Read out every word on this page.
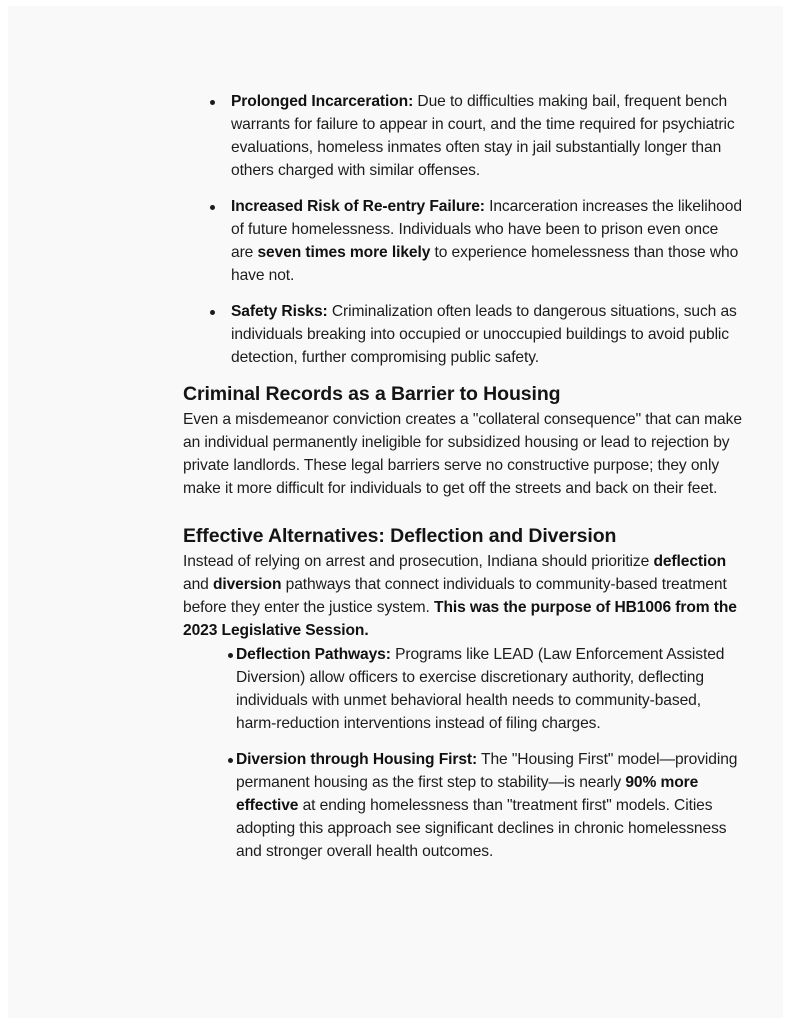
Prolonged Incarceration: Due to difficulties making bail, frequent bench warrants for failure to appear in court, and the time required for psychiatric evaluations, homeless inmates often stay in jail substantially longer than others charged with similar offenses.
Increased Risk of Re-entry Failure: Incarceration increases the likelihood of future homelessness. Individuals who have been to prison even once are seven times more likely to experience homelessness than those who have not.
Safety Risks: Criminalization often leads to dangerous situations, such as individuals breaking into occupied or unoccupied buildings to avoid public detection, further compromising public safety.
Criminal Records as a Barrier to Housing

Even a misdemeanor conviction creates a "collateral consequence" that can make an individual permanently ineligible for subsidized housing or lead to rejection by private landlords. These legal barriers serve no constructive purpose; they only make it more difficult for individuals to get off the streets and back on their feet.

Effective Alternatives: Deflection and Diversion

Instead of relying on arrest and prosecution, Indiana should prioritize deflection and diversion pathways that connect individuals to community-based treatment before they enter the justice system. This was the purpose of HB1006 from the 2023 Legislative Session.

Deflection Pathways: Programs like LEAD (Law Enforcement Assisted Diversion) allow officers to exercise discretionary authority, deflecting individuals with unmet behavioral health needs to community-based, harm-reduction interventions instead of filing charges.
Diversion through Housing First: The "Housing First" model—providing permanent housing as the first step to stability—is nearly 90% more effective at ending homelessness than "treatment first" models. Cities adopting this approach see significant declines in chronic homelessness and stronger overall health outcomes.
